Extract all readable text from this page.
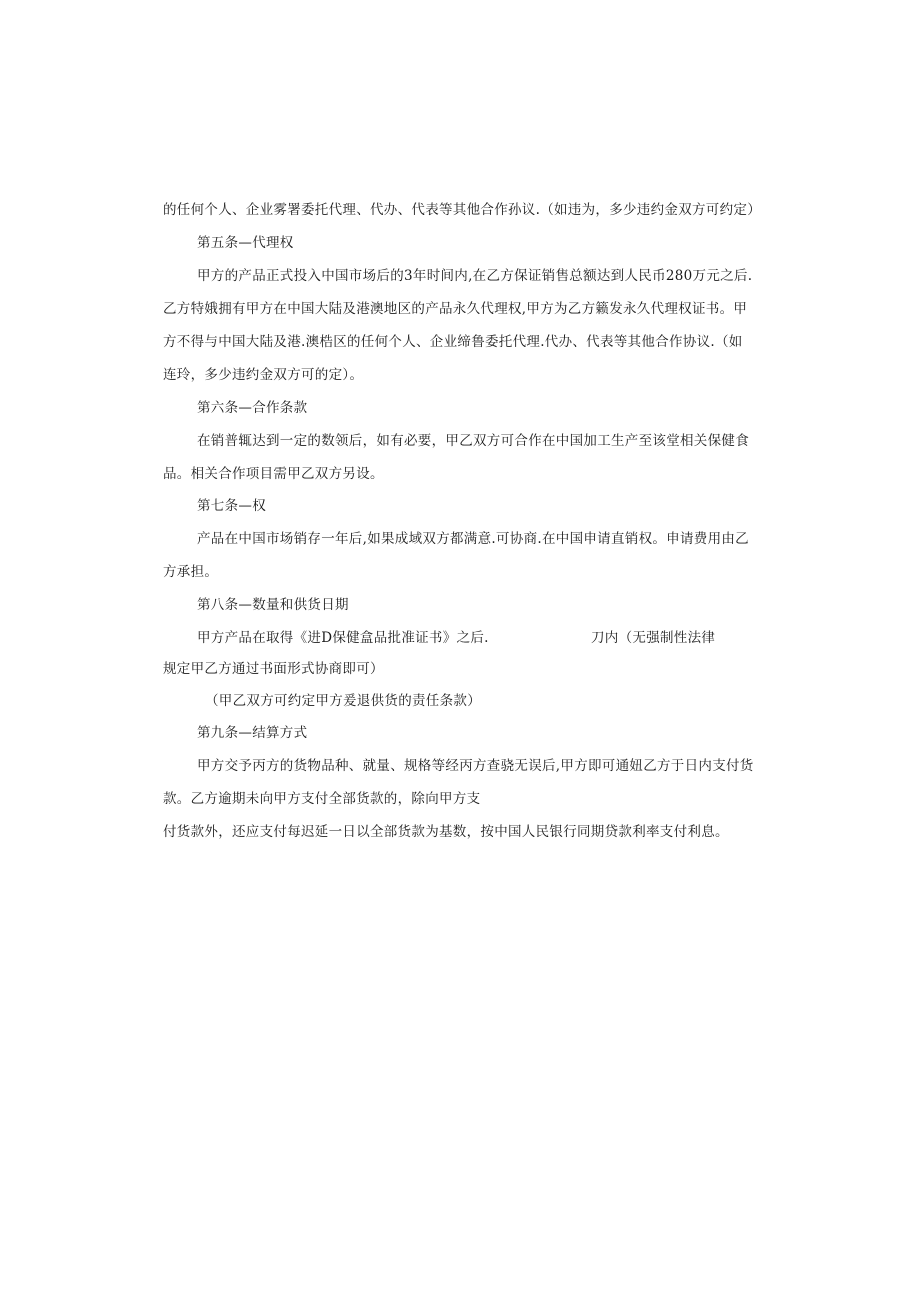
的任何个人、企业雾署委托代理、代办、代表等其他合作孙议.（如违为，多少违约金双方可约定）
第五条—代理权
甲方的产品正式投入中国市场后的3年时间内,在乙方保证销售总额达到人民币280万元之后.
乙方特娥拥有甲方在中国大陆及港澳地区的产品永久代理权,甲方为乙方籁发永久代理权证书。甲
方不得与中国大陆及港.澳梏区的任何个人、企业缔鲁委托代理.代办、代表等其他合作协议.（如
连玲，多少违约金双方可的定）。
第六条—合作条款
在销普辄达到一定的数领后，如有必要，甲乙双方可合作在中国加工生产至该堂相关保健食
品。相关合作项目需甲乙双方另设。
第七条—权
产品在中国市场销存一年后,如果成域双方都满意.可协商.在中国申请直销权。申请费用由乙
方承担。
第八条—数量和供货日期
甲方产品在取得《进D保健盒品批准证书》之后.	刀内（无强制性法律
规定甲乙方通过书面形式协商即可）
（甲乙双方可约定甲方爰退供货的责任条款）
第九条—结算方式
甲方交予丙方的货物品种、就量、规格等经丙方查骁无误后,甲方即可通妞乙方于日内支付货
款。乙方逾期未向甲方支付全部货款的，除向甲方支
付货款外，还应支付每迟延一日以全部货款为基数，按中国人民银行同期贷款利率支付利息。
